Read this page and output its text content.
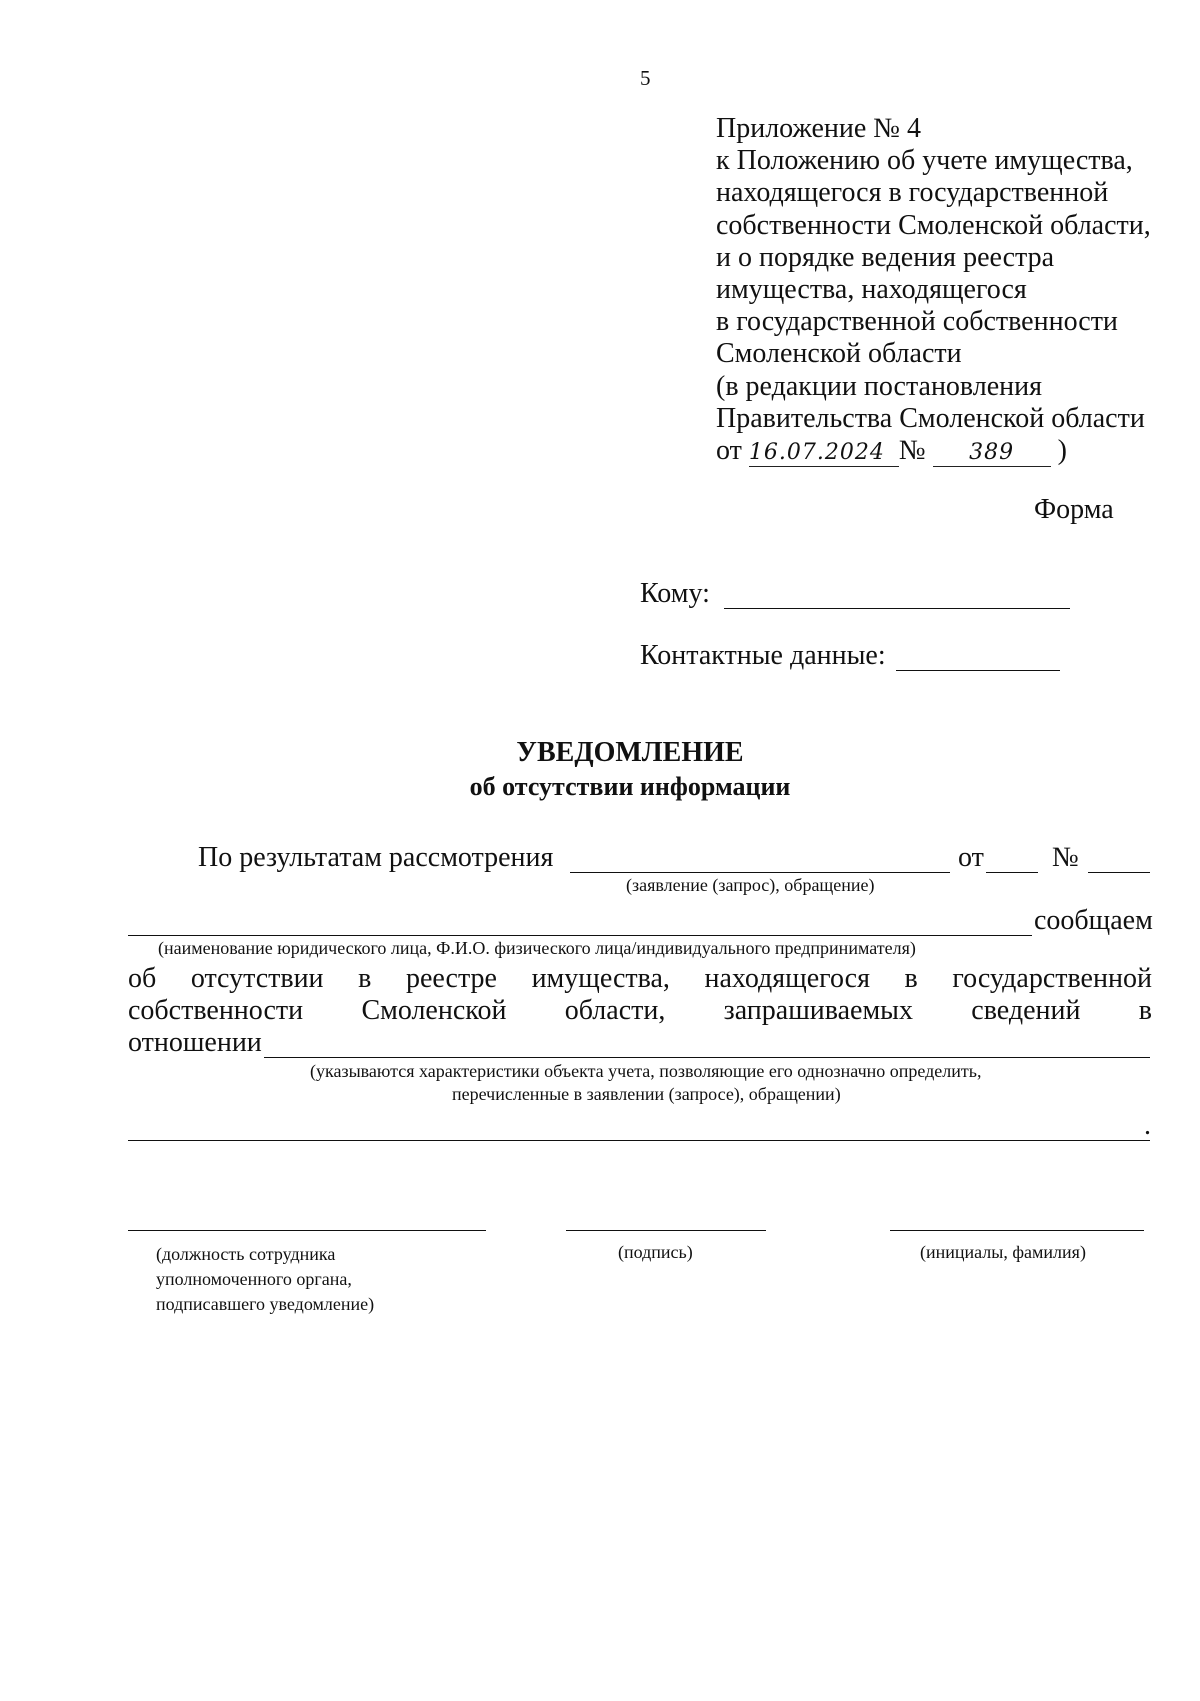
5
Приложение № 4
к Положению об учете имущества,
находящегося в государственной
собственности Смоленской области,
и о порядке ведения реестра
имущества, находящегося
в государственной собственности
Смоленской области
(в редакции постановления
Правительства Смоленской области
от 16.07.2024 № 389 )
Форма
Кому:
Контактные данные:
УВЕДОМЛЕНИЕ
об отсутствии информации
По результатам рассмотрения	от №
(заявление (запрос), обращение)
сообщаем
(наименование юридического лица, Ф.И.О. физического лица/индивидуального предпринимателя)
об отсутствии в реестре имущества, находящегося в государственной
собственности Смоленской области, запрашиваемых сведений в
отношении
(указываются характеристики объекта учета, позволяющие его однозначно определить,
перечисленные в заявлении (запросе), обращении)
.
(должность сотрудника
уполномоченного органа,
подписавшего уведомление)
(подпись)	(инициалы, фамилия)
